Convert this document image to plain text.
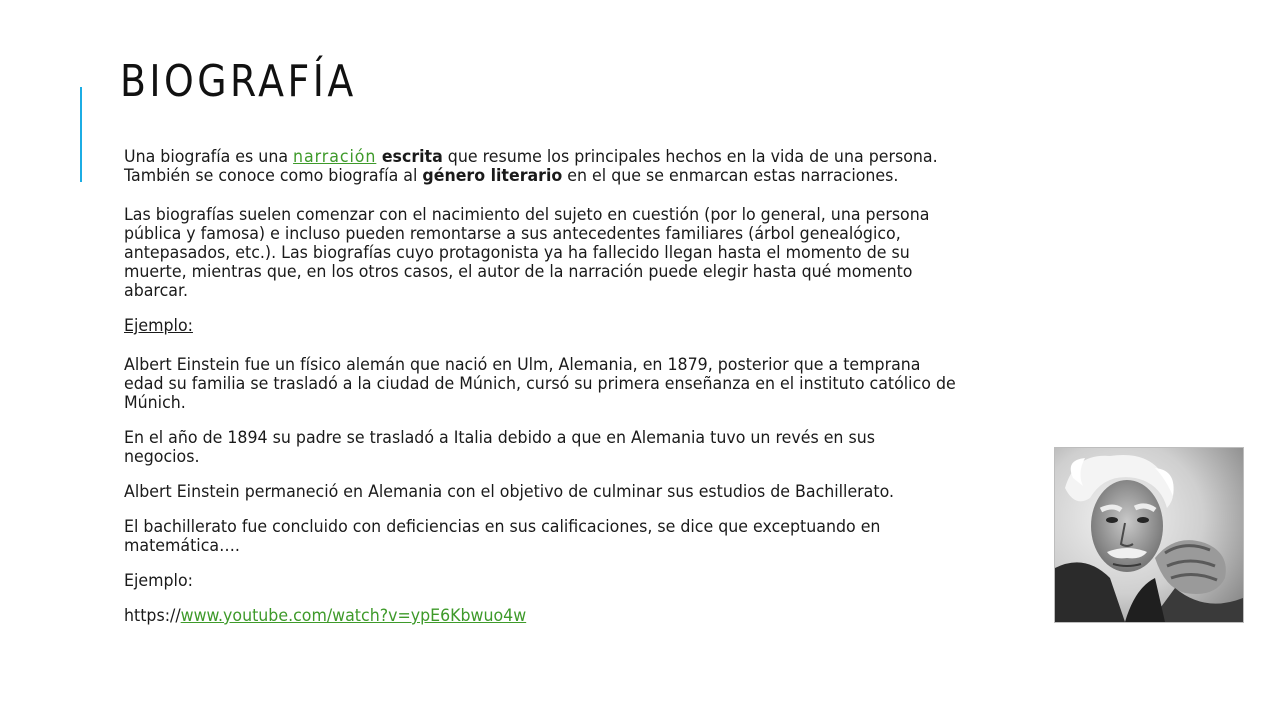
BIOGRAFÍA

Una biografía es una narración escrita que resume los principales hechos en la vida de una persona.
También se conoce como biografía al género literario en el que se enmarcan estas narraciones.

Las biografías suelen comenzar con el nacimiento del sujeto en cuestión (por lo general, una persona
pública y famosa) e incluso pueden remontarse a sus antecedentes familiares (árbol genealógico,
antepasados, etc.). Las biografías cuyo protagonista ya ha fallecido llegan hasta el momento de su
muerte, mientras que, en los otros casos, el autor de la narración puede elegir hasta qué momento
abarcar.

Ejemplo:

Albert Einstein fue un físico alemán que nació en Ulm, Alemania, en 1879, posterior que a temprana
edad su familia se trasladó a la ciudad de Múnich, cursó su primera enseñanza en el instituto católico de
Múnich.

En el año de 1894 su padre se trasladó a Italia debido a que en Alemania tuvo un revés en sus
negocios.

Albert Einstein permaneció en Alemania con el objetivo de culminar sus estudios de Bachillerato.

El bachillerato fue concluido con deficiencias en sus calificaciones, se dice que exceptuando en
matemática….

Ejemplo:

https://www.youtube.com/watch?v=ypE6Kbwuo4w
